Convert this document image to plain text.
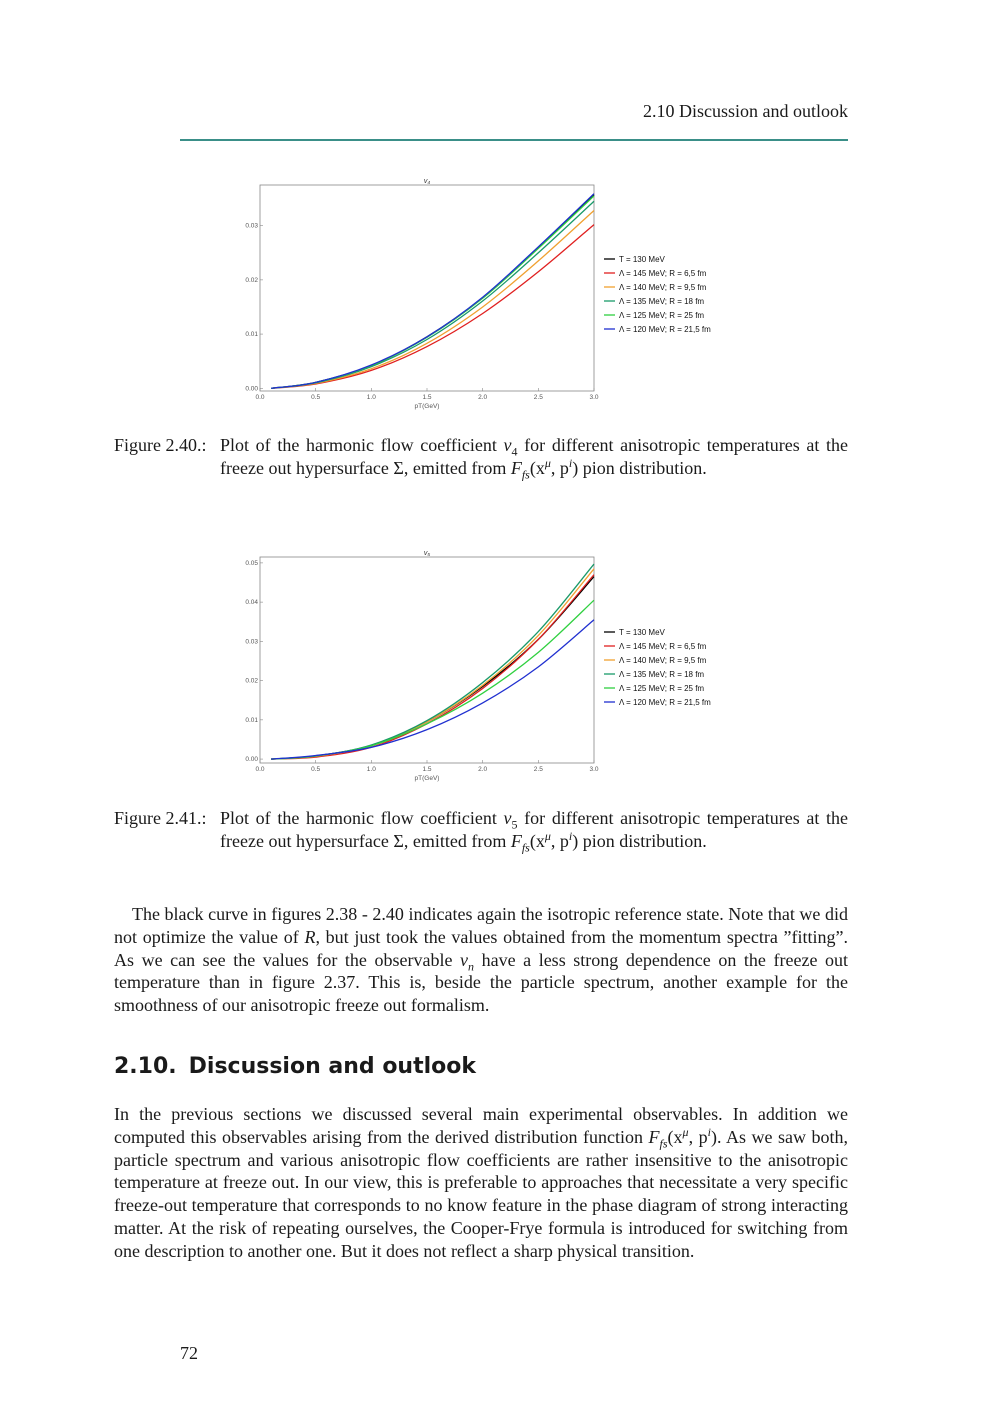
2.10 Discussion and outlook
v₄
0.0	0.5	1.0	1.5	2.0	2.5	3.0
0.00
0.01
0.02
0.03
pT(GeV)
T = 130 MeV
Λ = 145 MeV; R = 6,5 fm
Λ = 140 MeV; R = 9,5 fm
Λ = 135 MeV; R = 18 fm
Λ = 125 MeV; R = 25 fm
Λ = 120 MeV; R = 21,5 fm
Figure 2.40.: Plot of the harmonic flow coefficient $v_4$ for different anisotropic temperatures at the freeze out hypersurface Σ, emitted from $F_{fs}(x^\mu$, $p^i$) pion distribution.
v₅
0.0	0.5	1.0	1.5	2.0	2.5	3.0
0.00
0.01
0.02
0.03
0.04
0.05
pT(GeV)
T = 130 MeV
Λ = 145 MeV; R = 6,5 fm
Λ = 140 MeV; R = 9,5 fm
Λ = 135 MeV; R = 18 fm
Λ = 125 MeV; R = 25 fm
Λ = 120 MeV; R = 21,5 fm
Figure 2.41.: Plot of the harmonic flow coefficient $v_5$ for different anisotropic temperatures at the freeze out hypersurface Σ, emitted from $F_{fs}(x^\mu$, $p^i$) pion distribution.
The black curve in figures 2.38 - 2.40 indicates again the isotropic reference state. Note that we did not optimize the value of R, but just took the values obtained from the momentum spectra ”fitting”. As we can see the values for the observable $v_n$ have a less strong dependence on the freeze out temperature than in figure 2.37. This is, beside the particle spectrum, another example for the smoothness of our anisotropic freeze out formalism.
2.10. Discussion and outlook
In the previous sections we discussed several main experimental observables. In addition we computed this observables arising from the derived distribution function $F_{fs}(x^\mu$, $p^i$). As we saw both, particle spectrum and various anisotropic flow coefficients are rather insensitive to the anisotropic temperature at freeze out. In our view, this is preferable to approaches that necessitate a very specific freeze-out temperature that corresponds to no know feature in the phase diagram of strong interacting matter. At the risk of repeating ourselves, the Cooper-Frye formula is introduced for switching from one description to another one. But it does not reflect a sharp physical transition.
72
